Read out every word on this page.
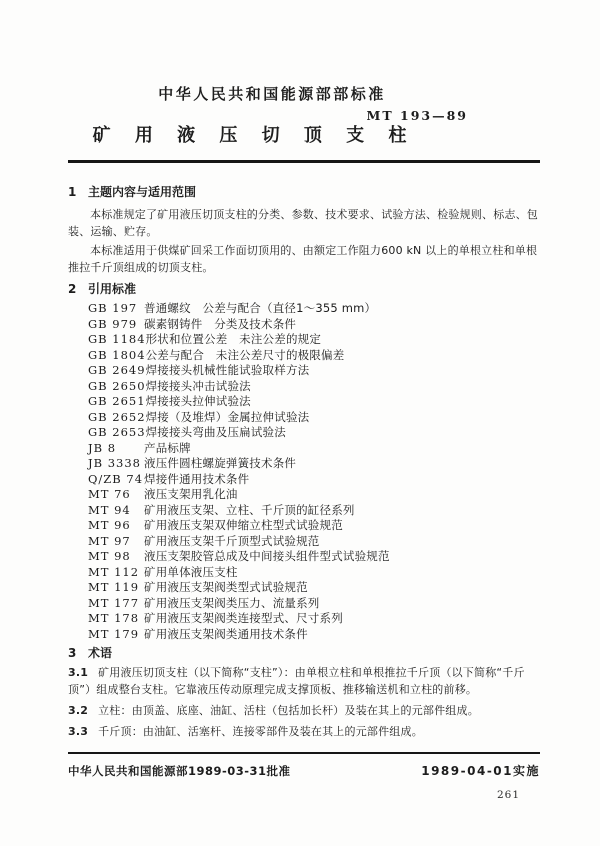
中华人民共和国能源部部标准
MT 193—89
矿 用 液 压 切 顶 支 柱
1 主题内容与适用范围

本标准规定了矿用液压切顶支柱的分类、参数、技术要求、试验方法、检验规则、标志、包装、运输、贮存。

本标准适用于供煤矿回采工作面切顶用的、由额定工作阻力600 kN 以上的单根立柱和单根推拉千斤顶组成的切顶支柱。

2 引用标准
GB 197 普通螺纹　公差与配合（直径1～355 mm）
GB 979 碳素钢铸件　分类及技术条件
GB 1184形状和位置公差　未注公差的规定
GB 1804公差与配合　未注公差尺寸的极限偏差
GB 2649焊接接头机械性能试验取样方法
GB 2650焊接接头冲击试验法
GB 2651焊接接头拉伸试验法
GB 2652焊接（及堆焊）金属拉伸试验法
GB 2653焊接接头弯曲及压扁试验法
JB 8 产品标牌
JB 3338 液压件圆柱螺旋弹簧技术条件
Q/ZB 74焊接件通用技术条件
MT 76 液压支架用乳化油
MT 94 矿用液压支架、立柱、千斤顶的缸径系列
MT 96 矿用液压支架双伸缩立柱型式试验规范
MT 97 矿用液压支架千斤顶型式试验规范
MT 98 液压支架胶管总成及中间接头组件型式试验规范
MT 112 矿用单体液压支柱
MT 119 矿用液压支架阀类型式试验规范
MT 177 矿用液压支架阀类压力、流量系列
MT 178 矿用液压支架阀类连接型式、尺寸系列
MT 179 矿用液压支架阀类通用技术条件
3 术语

3.1 矿用液压切顶支柱（以下简称“支柱”）：由单根立柱和单根推拉千斤顶（以下简称“千斤顶”）组成整台支柱。它靠液压传动原理完成支撑顶板、推移输送机和立柱的前移。

3.2 立柱：由顶盖、底座、油缸、活柱（包括加长杆）及装在其上的元部件组成。

3.3 千斤顶：由油缸、活塞杆、连接零部件及装在其上的元部件组成。

中华人民共和国能源部1989-03-31批准	1989-04-01实施
261
